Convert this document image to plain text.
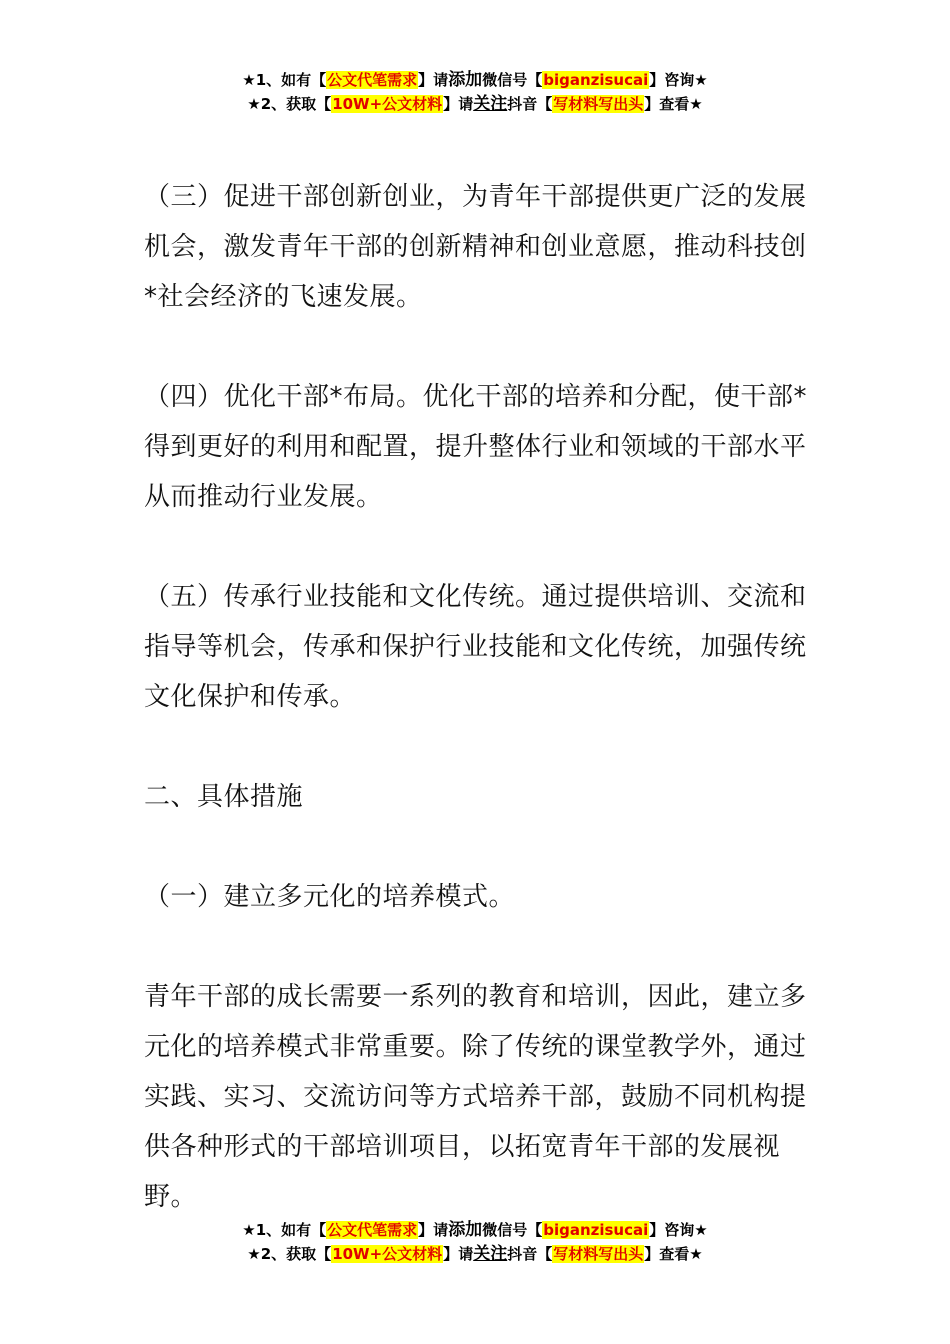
★1、如有【公文代笔需求】请添加微信号【biganzisucai】咨询★
★2、获取【10W+公文材料】请关注抖音【写材料写出头】查看★

（三）促进干部创新创业，为青年干部提供更广泛的发展机会，激发青年干部的创新精神和创业意愿，推动科技创*社会经济的飞速发展。

（四）优化干部*布局。优化干部的培养和分配，使干部*得到更好的利用和配置，提升整体行业和领域的干部水平从而推动行业发展。

（五）传承行业技能和文化传统。通过提供培训、交流和指导等机会，传承和保护行业技能和文化传统，加强传统文化保护和传承。

二、具体措施

（一）建立多元化的培养模式。

青年干部的成长需要一系列的教育和培训，因此，建立多元化的培养模式非常重要。除了传统的课堂教学外，通过实践、实习、交流访问等方式培养干部，鼓励不同机构提供各种形式的干部培训项目，以拓宽青年干部的发展视野。

★1、如有【公文代笔需求】请添加微信号【biganzisucai】咨询★
★2、获取【10W+公文材料】请关注抖音【写材料写出头】查看★
